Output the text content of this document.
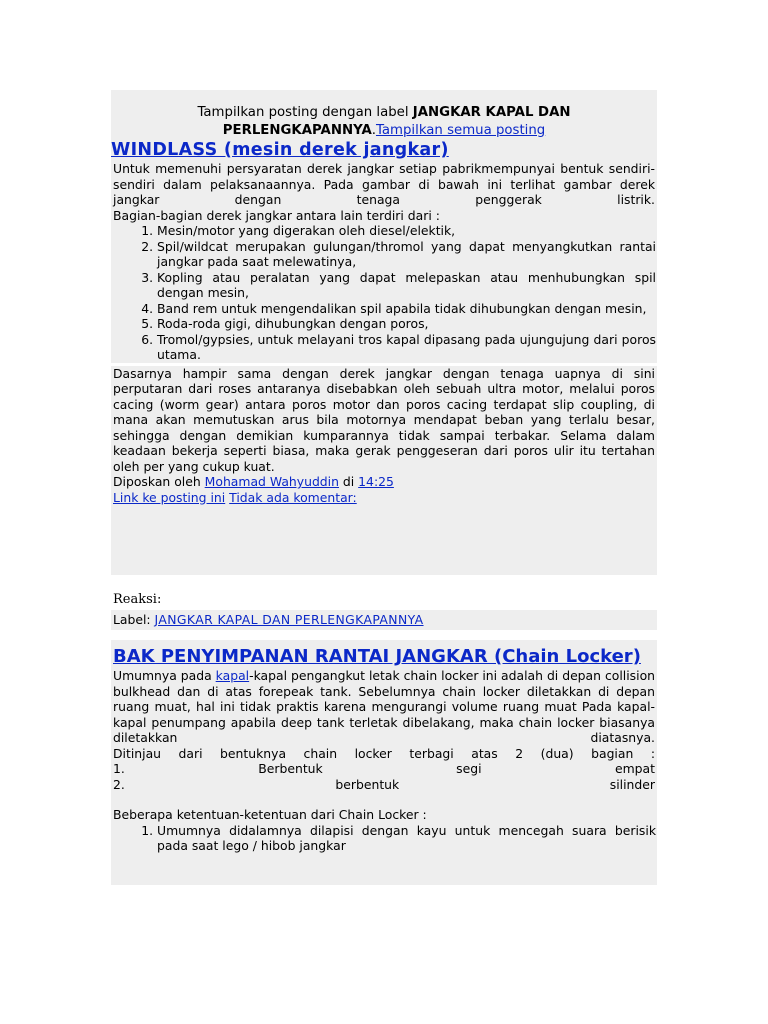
Tampilkan posting dengan label JANGKAR KAPAL DAN PERLENGKAPANNYA.Tampilkan semua posting
WINDLASS (mesin derek jangkar)
Untuk memenuhi persyaratan derek jangkar setiap pabrikmempunyai bentuk sendiri-sendiri dalam pelaksanaannya. Pada gambar di bawah ini terlihat gambar derek jangkar dengan tenaga penggerak listrik.
Bagian-bagian derek jangkar antara lain terdiri dari :
1. Mesin/motor yang digerakan oleh diesel/elektik,
2. Spil/wildcat merupakan gulungan/thromol yang dapat menyangkutkan rantai jangkar pada saat melewatinya,
3. Kopling atau peralatan yang dapat melepaskan atau menhubungkan spil dengan mesin,
4. Band rem untuk mengendalikan spil apabila tidak dihubungkan dengan mesin,
5. Roda-roda gigi, dihubungkan dengan poros,
6. Tromol/gypsies, untuk melayani tros kapal dipasang pada ujungujung dari poros utama.
Dasarnya hampir sama dengan derek jangkar dengan tenaga uapnya di sini perputaran dari roses antaranya disebabkan oleh sebuah ultra motor, melalui poros cacing (worm gear) antara poros motor dan poros cacing terdapat slip coupling, di mana akan memutuskan arus bila motornya mendapat beban yang terlalu besar, sehingga dengan demikian kumparannya tidak sampai terbakar. Selama dalam keadaan bekerja seperti biasa, maka gerak penggeseran dari poros ulir itu tertahan oleh per yang cukup kuat.
Diposkan oleh Mohamad Wahyuddin di 14:25
Link ke posting ini Tidak ada komentar:
Reaksi:
Label: JANGKAR KAPAL DAN PERLENGKAPANNYA
BAK PENYIMPANAN RANTAI JANGKAR (Chain Locker)
Umumnya pada kapal-kapal pengangkut letak chain locker ini adalah di depan collision bulkhead dan di atas forepeak tank. Sebelumnya chain locker diletakkan di depan ruang muat, hal ini tidak praktis karena mengurangi volume ruang muat Pada kapal-kapal penumpang apabila deep tank terletak dibelakang, maka chain locker biasanya diletakkan diatasnya.
Ditinjau dari bentuknya chain locker terbagi atas 2 (dua) bagian :
1.	Berbentuk	segi	empat
2.	berbentuk	silinder
Beberapa ketentuan-ketentuan dari Chain Locker :
1. Umumnya didalamnya dilapisi dengan kayu untuk mencegah suara berisik pada saat lego / hibob jangkar
